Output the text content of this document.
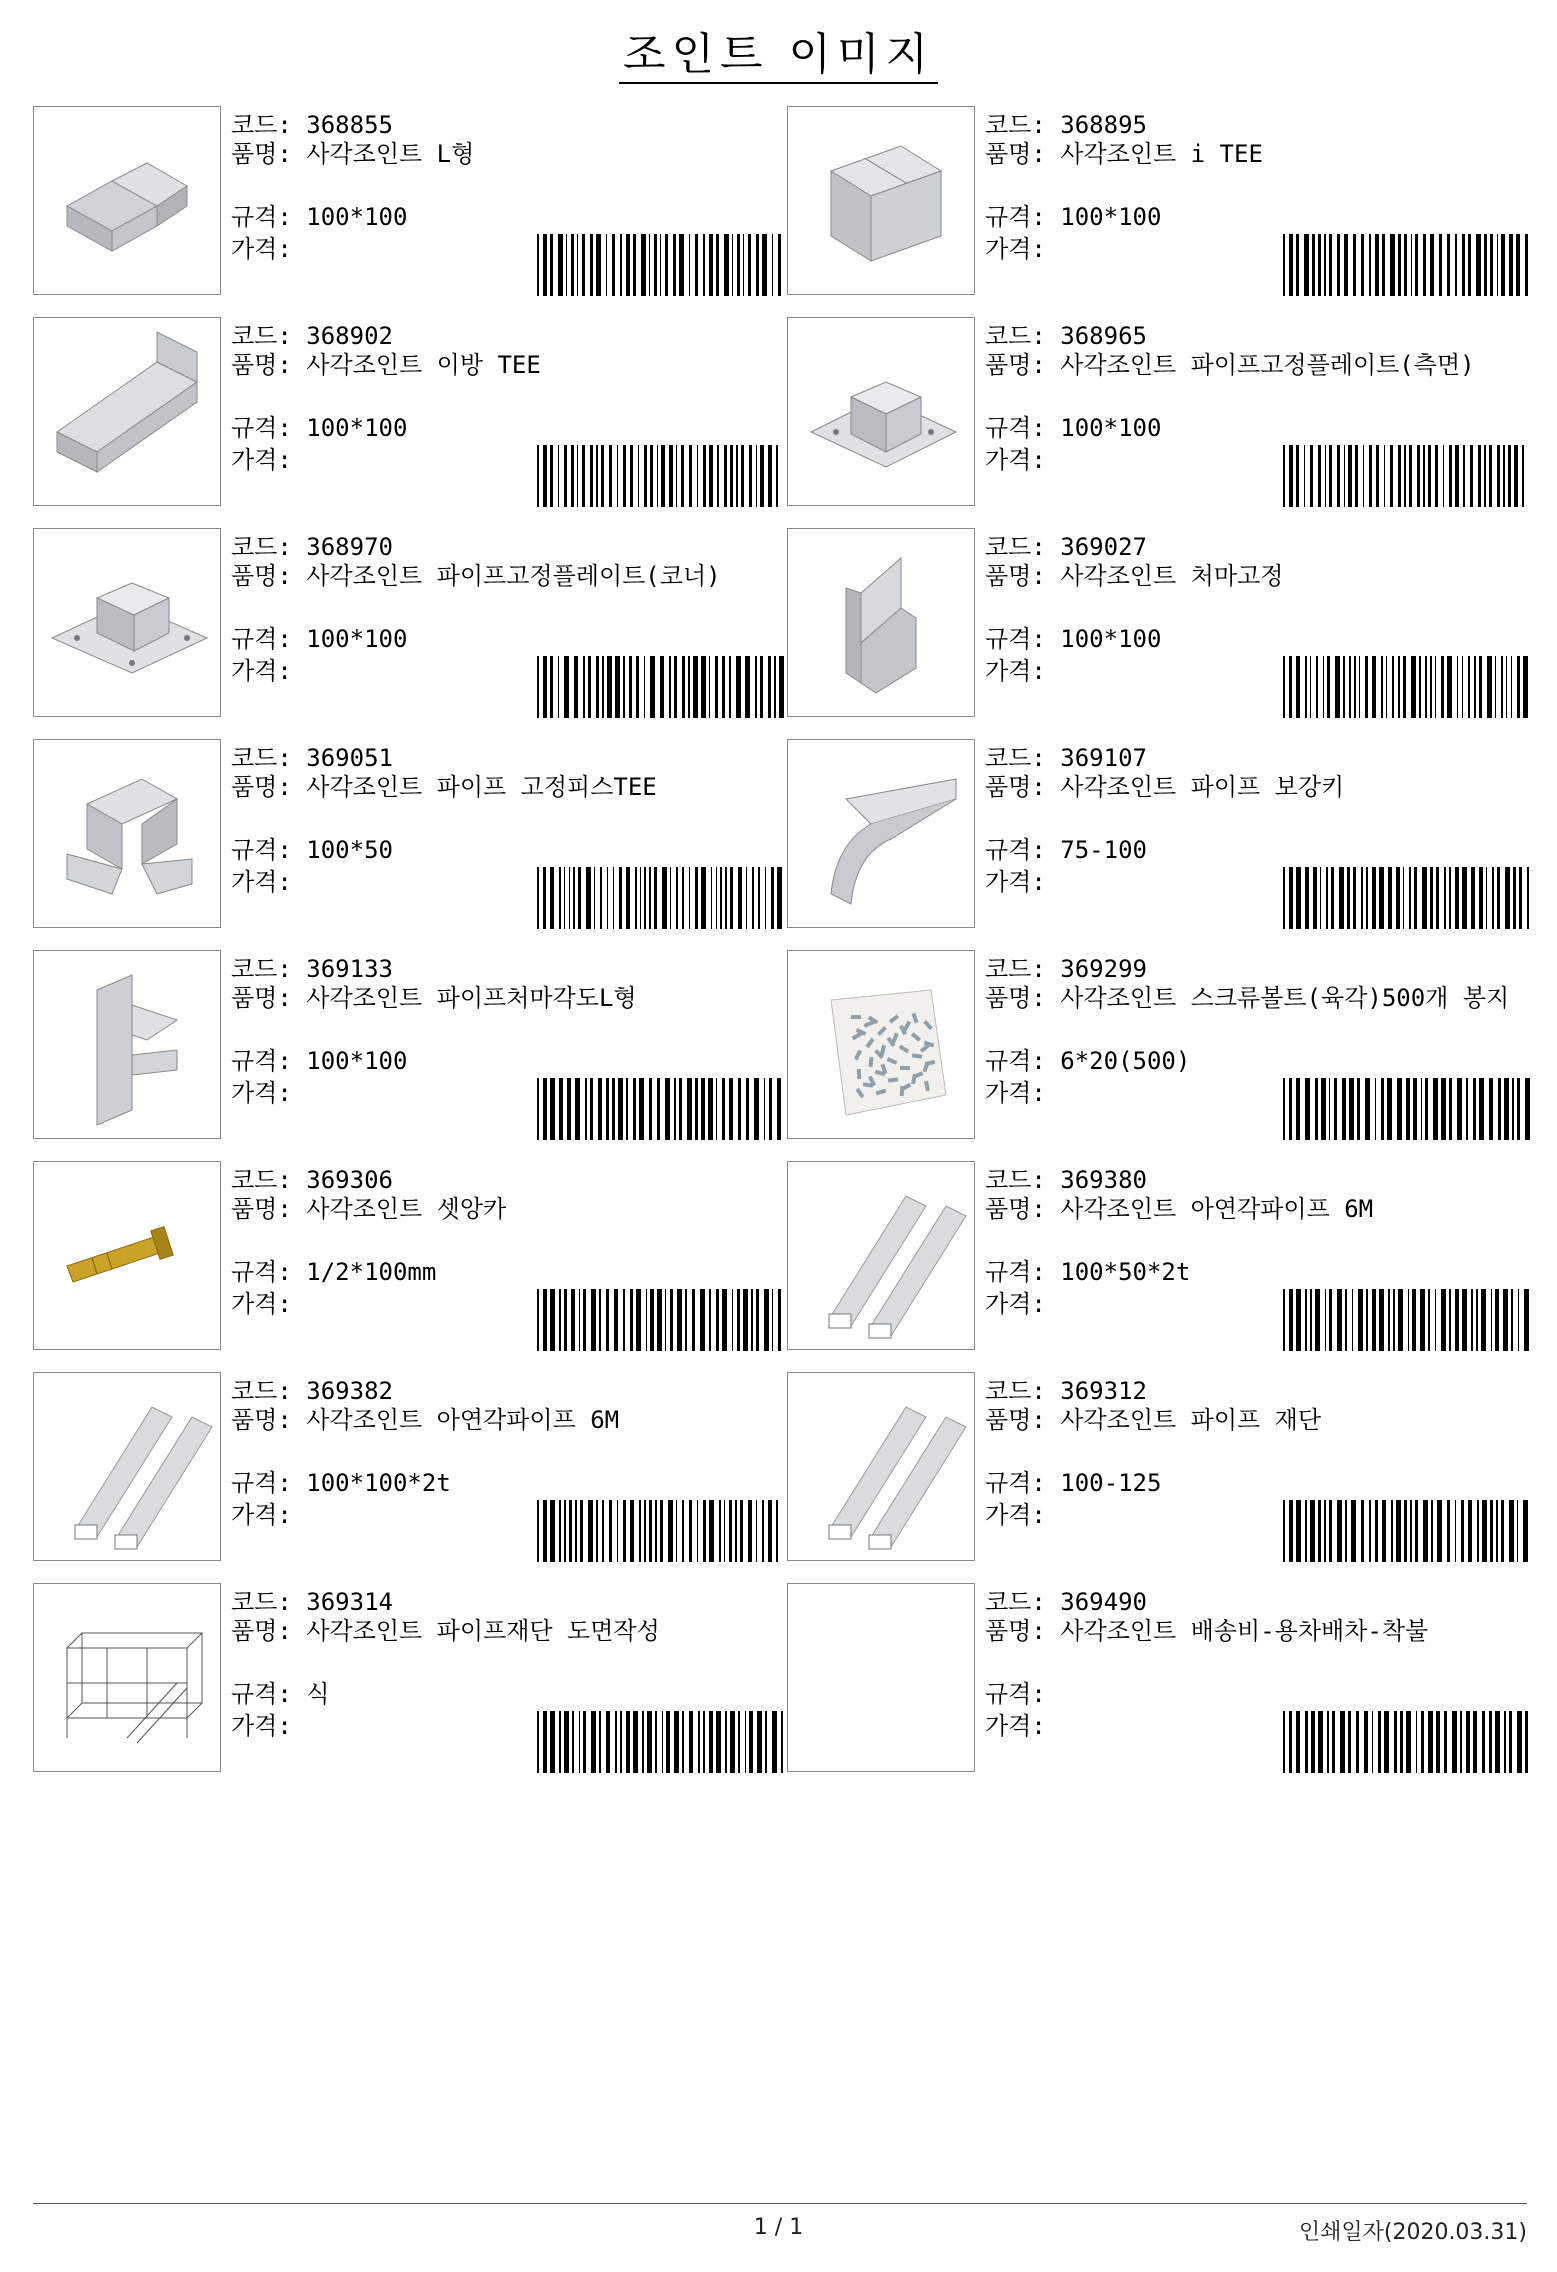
조인트 이미지
코드: 368855
품명: 사각조인트 L형
규격: 100*100
가격:
코드: 368895
품명: 사각조인트 i TEE
규격: 100*100
가격:
코드: 368902
품명: 사각조인트 이방 TEE
규격: 100*100
가격:
코드: 368965
품명: 사각조인트 파이프고정플레이트(측면)
규격: 100*100
가격:
코드: 368970
품명: 사각조인트 파이프고정플레이트(코너)
규격: 100*100
가격:
코드: 369027
품명: 사각조인트 처마고정
규격: 100*100
가격:
코드: 369051
품명: 사각조인트 파이프 고정피스TEE
규격: 100*50
가격:
코드: 369107
품명: 사각조인트 파이프 보강키
규격: 75-100
가격:
코드: 369133
품명: 사각조인트 파이프처마각도L형
규격: 100*100
가격:
코드: 369299
품명: 사각조인트 스크류볼트(육각)500개 봉지
규격: 6*20(500)
가격:
코드: 369306
품명: 사각조인트 셋앙카
규격: 1/2*100mm
가격:
코드: 369380
품명: 사각조인트 아연각파이프 6M
규격: 100*50*2t
가격:
코드: 369382
품명: 사각조인트 아연각파이프 6M
규격: 100*100*2t
가격:
코드: 369312
품명: 사각조인트 파이프 재단
규격: 100-125
가격:
코드: 369314
품명: 사각조인트 파이프재단 도면작성
규격: 식
가격:
코드: 369490
품명: 사각조인트 배송비-용차배차-착불
규격:
가격:
1 / 1	인쇄일자(2020.03.31)
